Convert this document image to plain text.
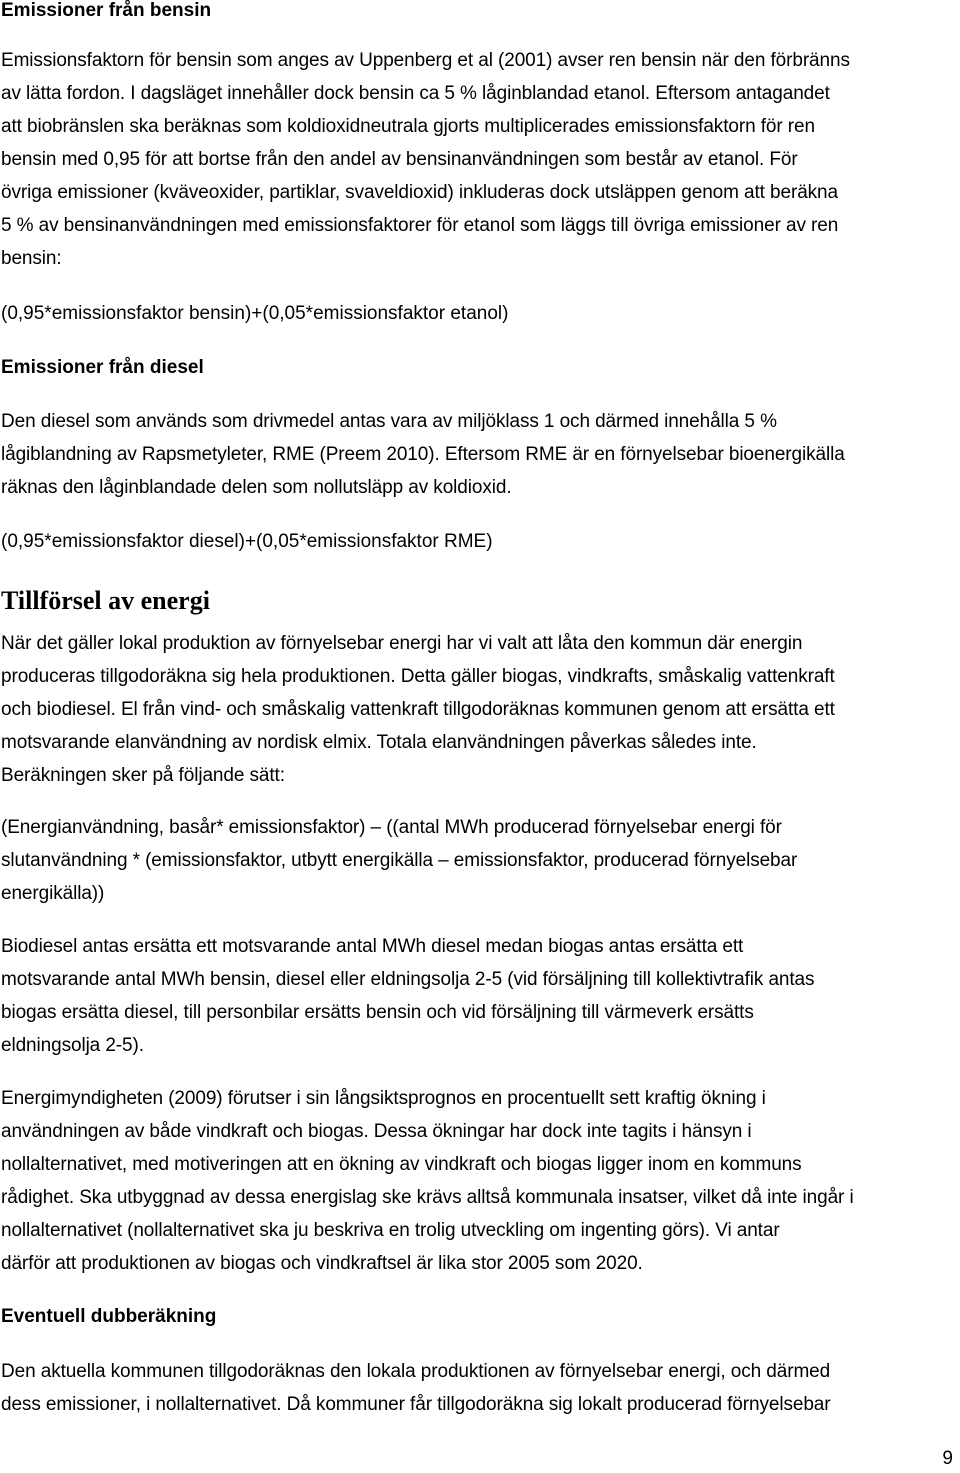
Emissioner från bensin
Emissionsfaktorn för bensin som anges av Uppenberg et al (2001) avser ren bensin när den förbränns
av lätta fordon. I dagsläget innehåller dock bensin ca 5 % låginblandad etanol. Eftersom antagandet
att biobränslen ska beräknas som koldioxidneutrala gjorts multiplicerades emissionsfaktorn för ren
bensin med 0,95 för att bortse från den andel av bensinanvändningen som består av etanol. För
övriga emissioner (kväveoxider, partiklar, svaveldioxid) inkluderas dock utsläppen genom att beräkna
5 % av bensinanvändningen med emissionsfaktorer för etanol som läggs till övriga emissioner av ren
bensin:
(0,95*emissionsfaktor bensin)+(0,05*emissionsfaktor etanol)
Emissioner från diesel
Den diesel som används som drivmedel antas vara av miljöklass 1 och därmed innehålla 5 %
lågiblandning av Rapsmetyleter, RME (Preem 2010). Eftersom RME är en förnyelsebar bioenergikälla
räknas den låginblandade delen som nollutsläpp av koldioxid.
(0,95*emissionsfaktor diesel)+(0,05*emissionsfaktor RME)
Tillförsel av energi
När det gäller lokal produktion av förnyelsebar energi har vi valt att låta den kommun där energin
produceras tillgodoräkna sig hela produktionen. Detta gäller biogas, vindkrafts, småskalig vattenkraft
och biodiesel. El från vind- och småskalig vattenkraft tillgodoräknas kommunen genom att ersätta ett
motsvarande elanvändning av nordisk elmix. Totala elanvändningen påverkas således inte.
Beräkningen sker på följande sätt:
(Energianvändning, basår* emissionsfaktor) – ((antal MWh producerad förnyelsebar energi för
slutanvändning * (emissionsfaktor, utbytt energikälla – emissionsfaktor, producerad förnyelsebar
energikälla))
Biodiesel antas ersätta ett motsvarande antal MWh diesel medan biogas antas ersätta ett
motsvarande antal MWh bensin, diesel eller eldningsolja 2-5 (vid försäljning till kollektivtrafik antas
biogas ersätta diesel, till personbilar ersätts bensin och vid försäljning till värmeverk ersätts
eldningsolja 2-5).
Energimyndigheten (2009) förutser i sin långsiktsprognos en procentuellt sett kraftig ökning i
användningen av både vindkraft och biogas. Dessa ökningar har dock inte tagits i hänsyn i
nollalternativet, med motiveringen att en ökning av vindkraft och biogas ligger inom en kommuns
rådighet. Ska utbyggnad av dessa energislag ske krävs alltså kommunala insatser, vilket då inte ingår i
nollalternativet (nollalternativet ska ju beskriva en trolig utveckling om ingenting görs). Vi antar
därför att produktionen av biogas och vindkraftsel är lika stor 2005 som 2020.
Eventuell dubberäkning
Den aktuella kommunen tillgodoräknas den lokala produktionen av förnyelsebar energi, och därmed
dess emissioner, i nollalternativet. Då kommuner får tillgodoräkna sig lokalt producerad förnyelsebar
9
